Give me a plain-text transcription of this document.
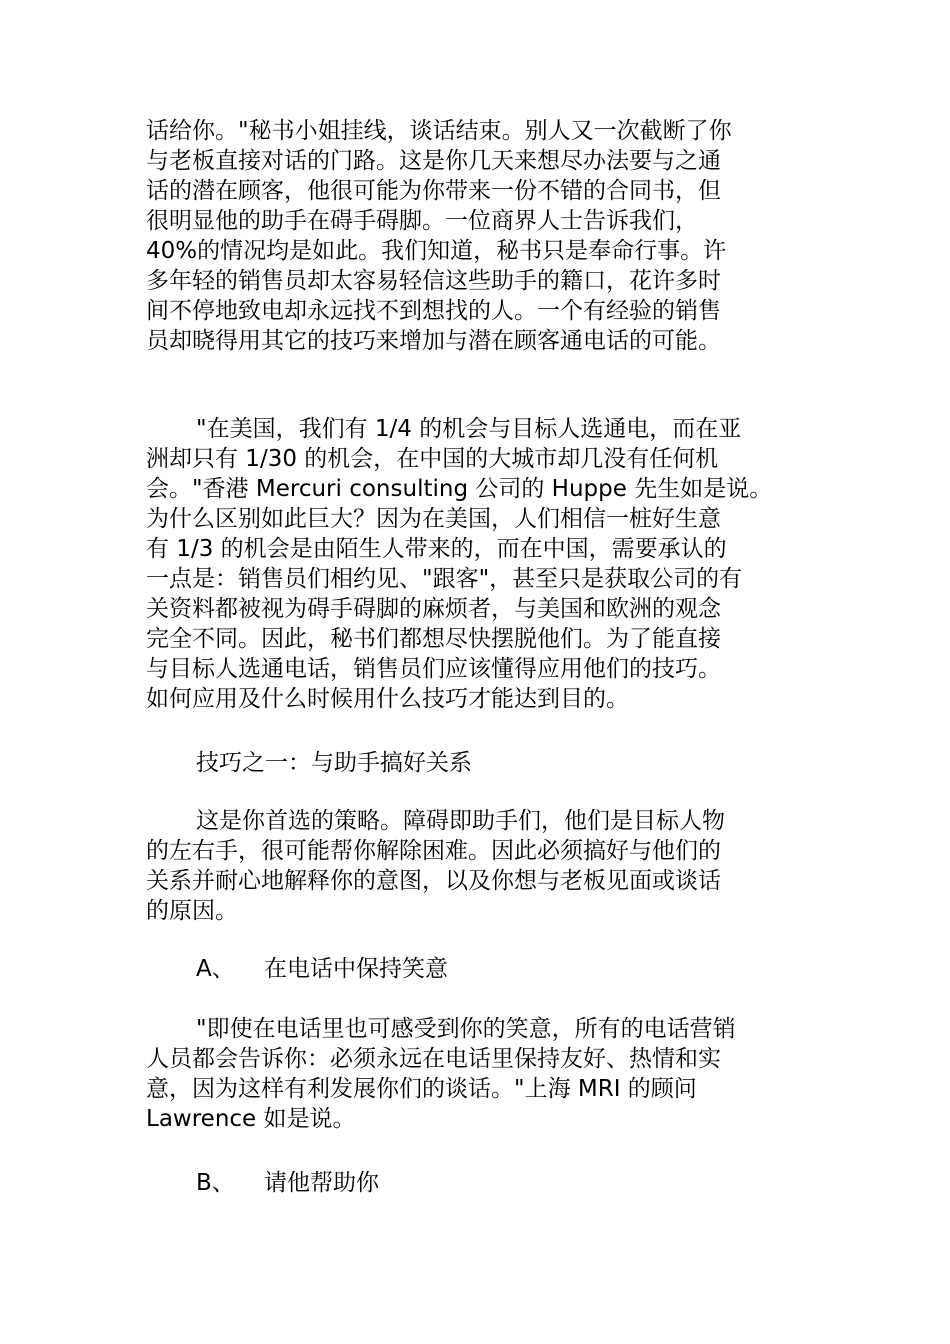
话给你。"秘书小姐挂线，谈话结束。别人又一次截断了你
与老板直接对话的门路。这是你几天来想尽办法要与之通
话的潜在顾客，他很可能为你带来一份不错的合同书，但
很明显他的助手在碍手碍脚。一位商界人士告诉我们，
40%的情况均是如此。我们知道，秘书只是奉命行事。许
多年轻的销售员却太容易轻信这些助手的籍口，花许多时
间不停地致电却永远找不到想找的人。一个有经验的销售
员却晓得用其它的技巧来增加与潜在顾客通电话的可能。
"在美国，我们有 1/4 的机会与目标人选通电，而在亚
洲却只有 1/30 的机会，在中国的大城市却几没有任何机
会。"香港 Mercuri consulting 公司的 Huppe 先生如是说。
为什么区别如此巨大？因为在美国，人们相信一桩好生意
有 1/3 的机会是由陌生人带来的，而在中国，需要承认的
一点是：销售员们相约见、"跟客"，甚至只是获取公司的有
关资料都被视为碍手碍脚的麻烦者，与美国和欧洲的观念
完全不同。因此，秘书们都想尽快摆脱他们。为了能直接
与目标人选通电话，销售员们应该懂得应用他们的技巧。
如何应用及什么时候用什么技巧才能达到目的。
技巧之一：与助手搞好关系
这是你首选的策略。障碍即助手们，他们是目标人物
的左右手，很可能帮你解除困难。因此必须搞好与他们的
关系并耐心地解释你的意图，以及你想与老板见面或谈话
的原因。
A、 在电话中保持笑意
"即使在电话里也可感受到你的笑意，所有的电话营销
人员都会告诉你：必须永远在电话里保持友好、热情和实
意，因为这样有利发展你们的谈话。"上海 MRI 的顾问
Lawrence 如是说。
B、 请他帮助你
